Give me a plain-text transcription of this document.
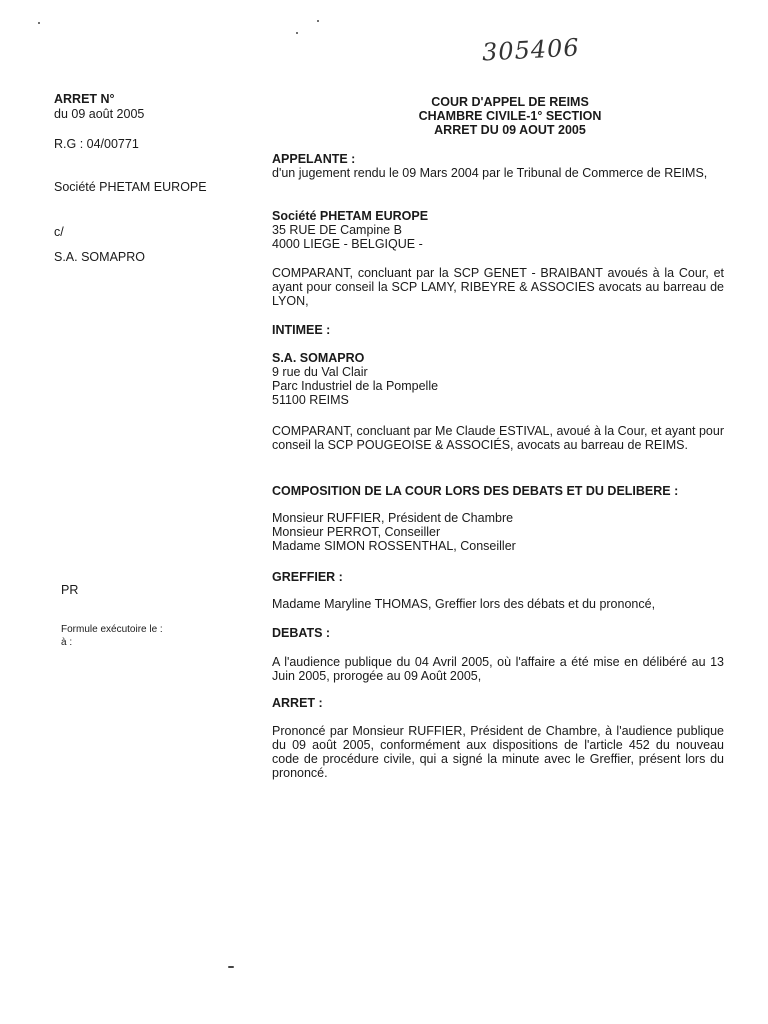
305406
ARRET N°
du 09 août 2005
R.G : 04/00771
Société PHETAM EUROPE
c/
S.A. SOMAPRO
PR
Formule exécutoire le :
à :
COUR D'APPEL DE REIMS
CHAMBRE CIVILE-1° SECTION
ARRET DU 09 AOUT 2005
APPELANTE :
d'un jugement rendu le 09 Mars 2004 par le Tribunal de Commerce de REIMS,
Société PHETAM EUROPE
35 RUE DE Campine B
4000 LIEGE - BELGIQUE -
COMPARANT, concluant par la SCP GENET - BRAIBANT avoués à la Cour, et ayant pour conseil la SCP LAMY, RIBEYRE & ASSOCIES avocats au barreau de LYON,
INTIMEE :
S.A. SOMAPRO
9 rue du Val Clair
Parc Industriel de la Pompelle
51100 REIMS
COMPARANT, concluant par Me Claude ESTIVAL, avoué à la Cour, et ayant pour conseil la SCP POUGEOISE & ASSOCIÉS, avocats au barreau de REIMS.
COMPOSITION DE LA COUR LORS DES DEBATS ET DU DELIBERE :
Monsieur RUFFIER, Président de Chambre
Monsieur PERROT, Conseiller
Madame SIMON ROSSENTHAL, Conseiller
GREFFIER :
Madame Maryline THOMAS, Greffier lors des débats et du prononcé,
DEBATS :
A l'audience publique du 04 Avril 2005, où l'affaire a été mise en délibéré au 13 Juin 2005, prorogée au 09 Août 2005,
ARRET :
Prononcé par Monsieur RUFFIER, Président de Chambre, à l'audience publique du 09 août 2005, conformément aux dispositions de l'article 452 du nouveau code de procédure civile, qui a signé la minute avec le Greffier, présent lors du prononcé.
